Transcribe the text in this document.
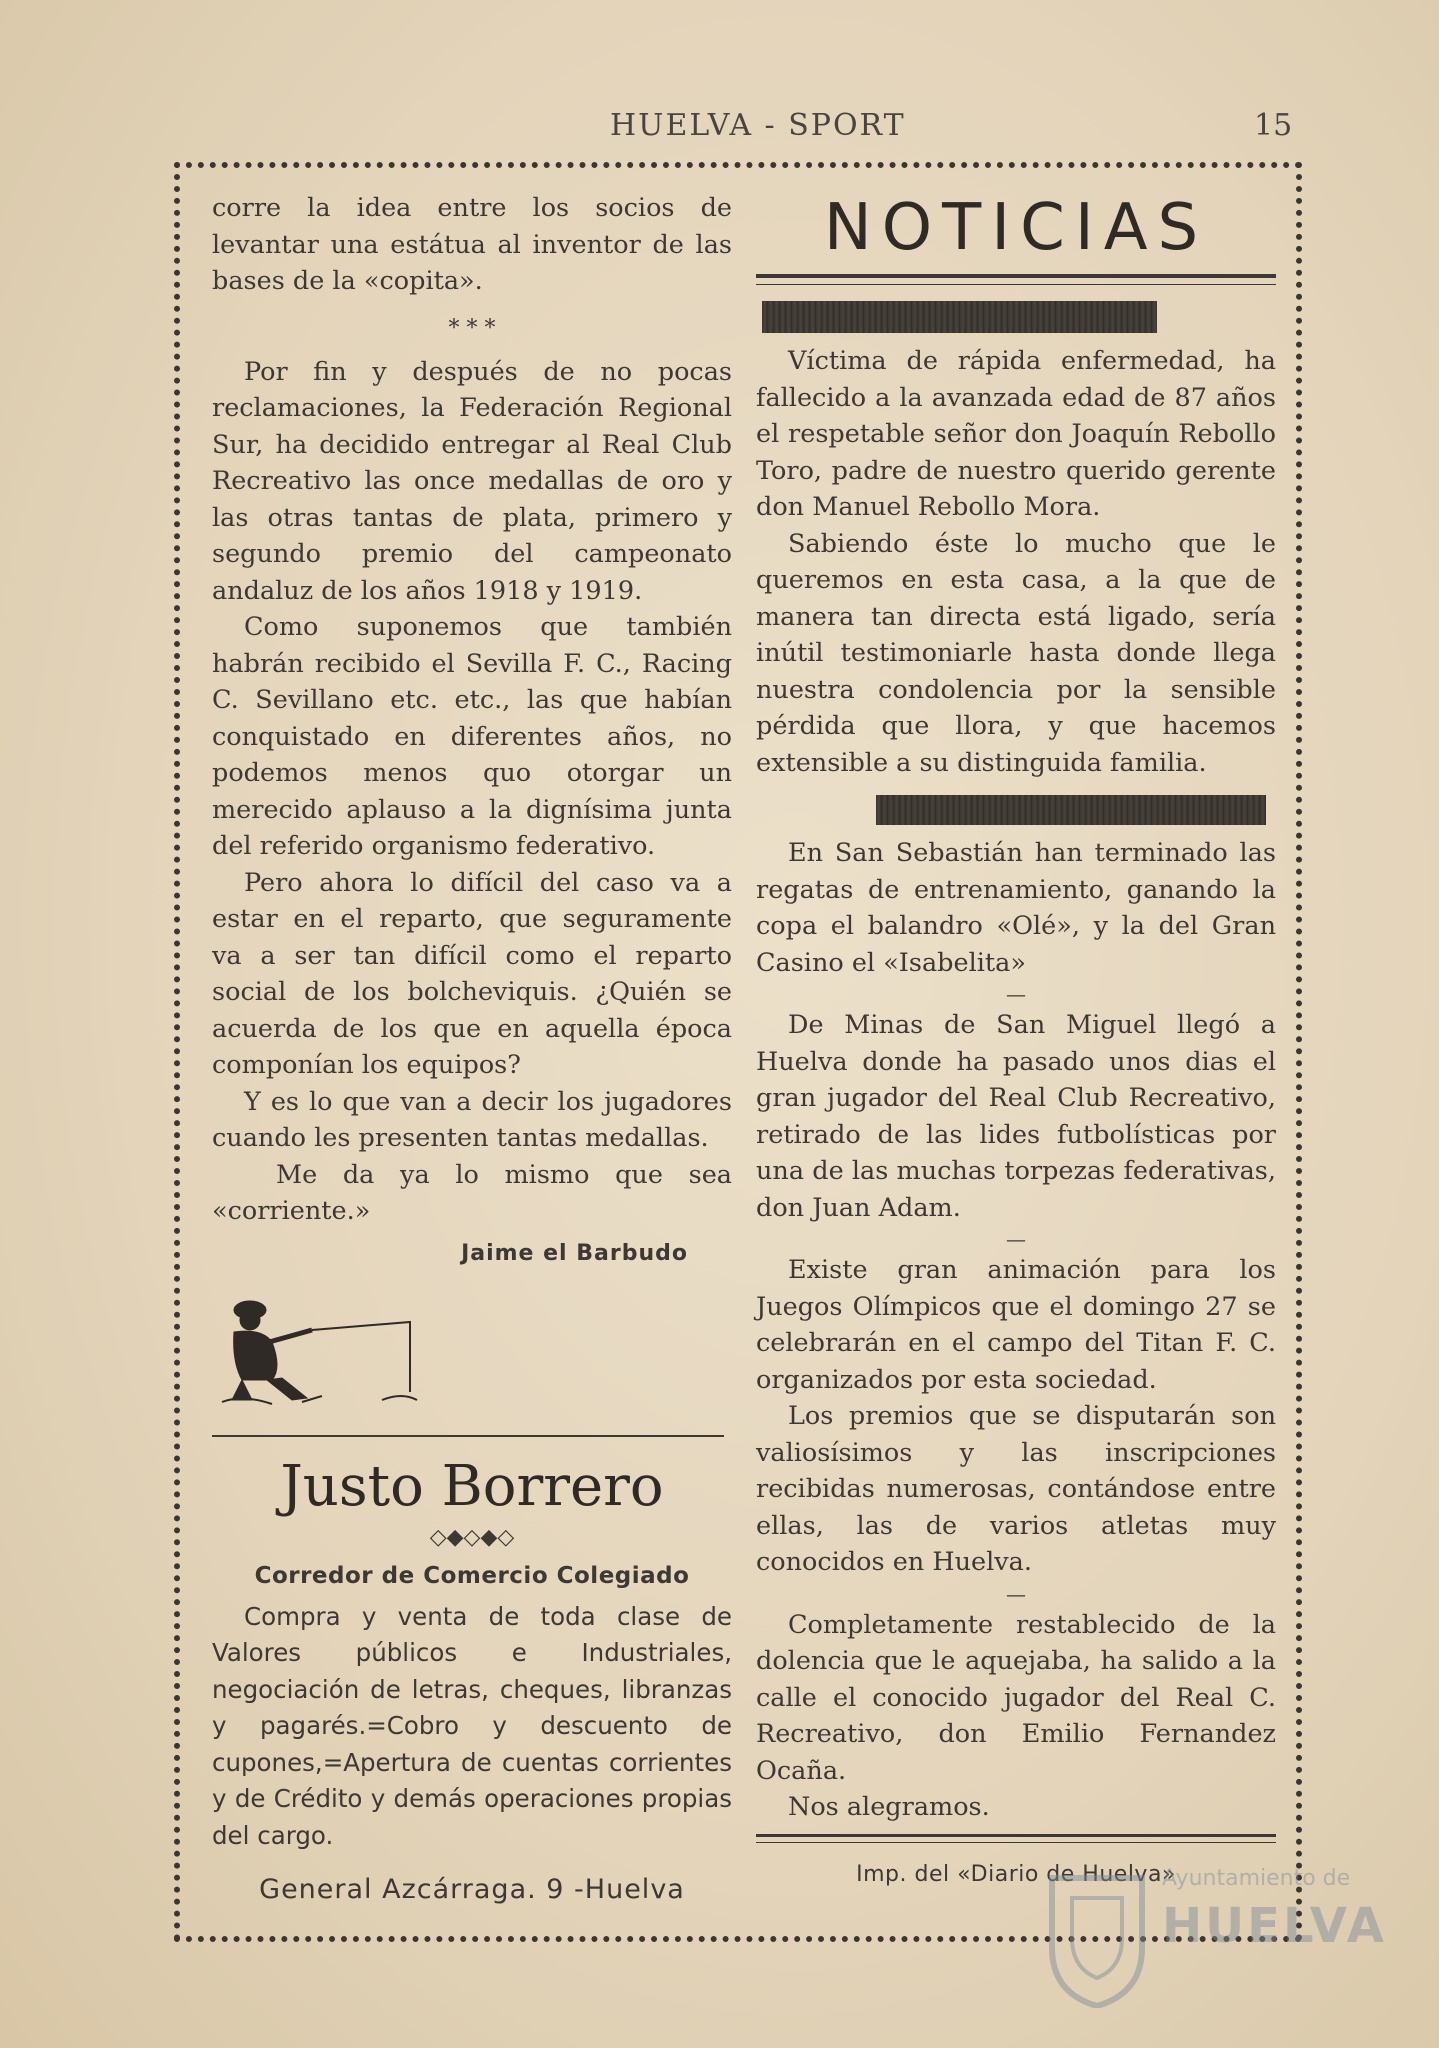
HUELVA - SPORT	15

corre la idea entre los socios de levantar una estátua al inventor de las bases de la «copita».

* * *

Por fin y después de no pocas reclamaciones, la Federación Regional Sur, ha decidido entregar al Real Club Recreativo las once medallas de oro y las otras tantas de plata, primero y segundo premio del campeonato andaluz de los años 1918 y 1919.

Como suponemos que también habrán recibido el Sevilla F. C., Racing C. Sevillano etc. etc., las que habían conquistado en diferentes años, no podemos menos quo otorgar un merecido aplauso a la dignísima junta del referido organismo federativo.

Pero ahora lo difícil del caso va a estar en el reparto, que seguramente va a ser tan difícil como el reparto social de los bolcheviquis. ¿Quién se acuerda de los que en aquella época componían los equipos?

Y es lo que van a decir los jugadores cuando les presenten tantas medallas.

Me da ya lo mismo que sea «corriente.»

Jaime el Barbudo
Justo Borrero
◇◆◇◆◇
Corredor de Comercio Colegiado

Compra y venta de toda clase de Valores públicos e Industriales, negociación de letras, cheques, libranzas y pagarés.=Cobro y descuento de cupones,=Apertura de cuentas corrientes y de Crédito y demás operaciones propias del cargo.

General Azcárraga. 9 -Huelva
NOTICIAS

Víctima de rápida enfermedad, ha fallecido a la avanzada edad de 87 años el respetable señor don Joaquín Rebollo Toro, padre de nuestro querido gerente don Manuel Rebollo Mora.

Sabiendo éste lo mucho que le queremos en esta casa, a la que de manera tan directa está ligado, sería inútil testimoniarle hasta donde llega nuestra condolencia por la sensible pérdida que llora, y que hacemos extensible a su distinguida familia.

En San Sebastián han terminado las regatas de entrenamiento, ganando la copa el balandro «Olé», y la del Gran Casino el «Isabelita»

—

De Minas de San Miguel llegó a Huelva donde ha pasado unos dias el gran jugador del Real Club Recreativo, retirado de las lides futbolísticas por una de las muchas torpezas federativas, don Juan Adam.

—

Existe gran animación para los Juegos Olímpicos que el domingo 27 se celebrarán en el campo del Titan F. C. organizados por esta sociedad.

Los premios que se disputarán son valiosísimos y las inscripciones recibidas numerosas, contándose entre ellas, las de varios atletas muy conocidos en Huelva.

—

Completamente restablecido de la dolencia que le aquejaba, ha salido a la calle el conocido jugador del Real C. Recreativo, don Emilio Fernandez Ocaña.

Nos alegramos.

Imp. del «Diario de Huelva»
Ayuntamiento de
HUELVA
